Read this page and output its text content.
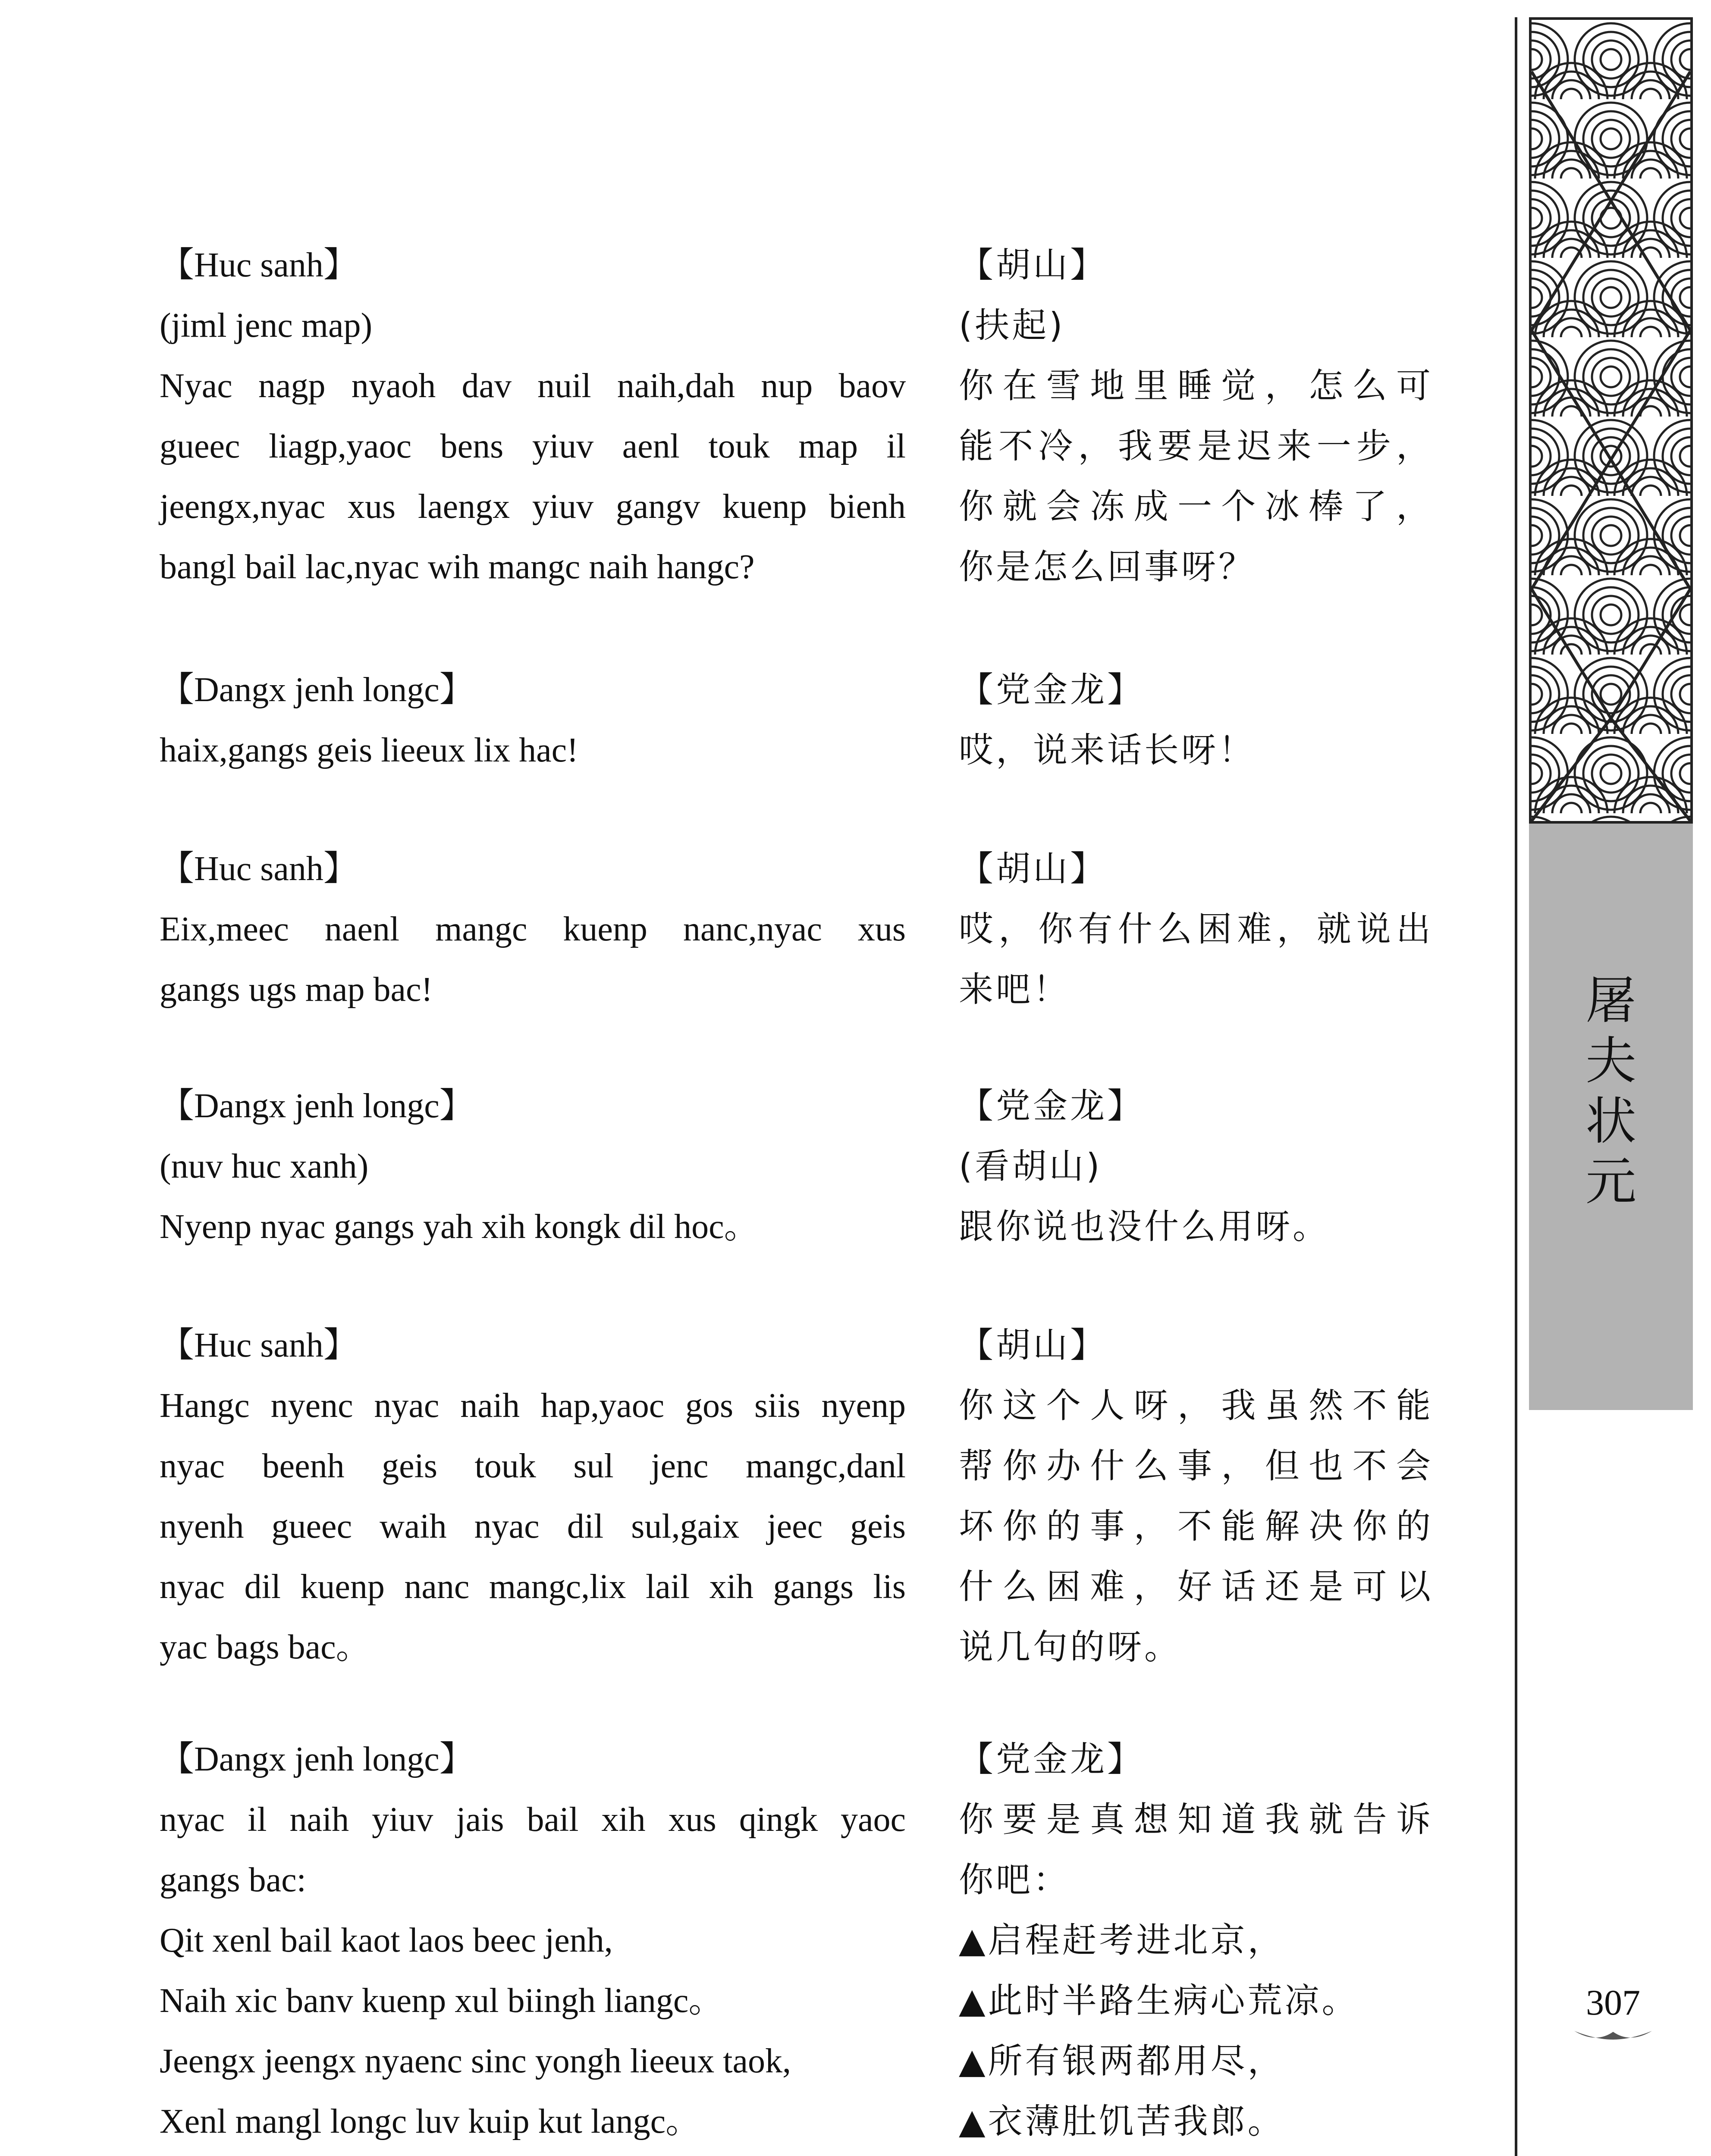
屠夫状元
307
【Huc sanh】
(jiml jenc map)
Nyac nagp nyaoh dav nuil naih,dah nup baov
gueec liagp,yaoc bens yiuv aenl touk map il
jeengx,nyac xus laengx yiuv gangv kuenp bienh
bangl bail lac,nyac wih mangc naih hangc?
【胡山】
(扶起)
你在雪地里睡觉，怎么可
能不冷，我要是迟来一步，
你就会冻成一个冰棒了，
你是怎么回事呀？
【Dangx jenh longc】
haix,gangs geis lieeux lix hac!
【党金龙】
哎，说来话长呀！
【Huc sanh】
Eix,meec naenl mangc kuenp nanc,nyac xus
gangs ugs map bac!
【胡山】
哎，你有什么困难，就说出
来吧！
【Dangx jenh longc】
(nuv huc xanh)
Nyenp nyac gangs yah xih kongk dil hoc。
【党金龙】
(看胡山)
跟你说也没什么用呀。
【Huc sanh】
Hangc nyenc nyac naih hap,yaoc gos siis nyenp
nyac beenh geis touk sul jenc mangc,danl
nyenh gueec waih nyac dil sul,gaix jeec geis
nyac dil kuenp nanc mangc,lix lail xih gangs lis
yac bags bac。
【胡山】
你这个人呀，我虽然不能
帮你办什么事，但也不会
坏你的事，不能解决你的
什么困难，好话还是可以
说几句的呀。
【Dangx jenh longc】
nyac il naih yiuv jais bail xih xus qingk yaoc
gangs bac:
Qit xenl bail kaot laos beec jenh,
Naih xic banv kuenp xul biingh liangc。
Jeengx jeengx nyaenc sinc yongh lieeux taok,
Xenl mangl longc luv kuip kut langc。
【党金龙】
你要是真想知道我就告诉
你吧：
▲启程赶考进北京，
▲此时半路生病心荒凉。
▲所有银两都用尽，
▲衣薄肚饥苦我郎。
